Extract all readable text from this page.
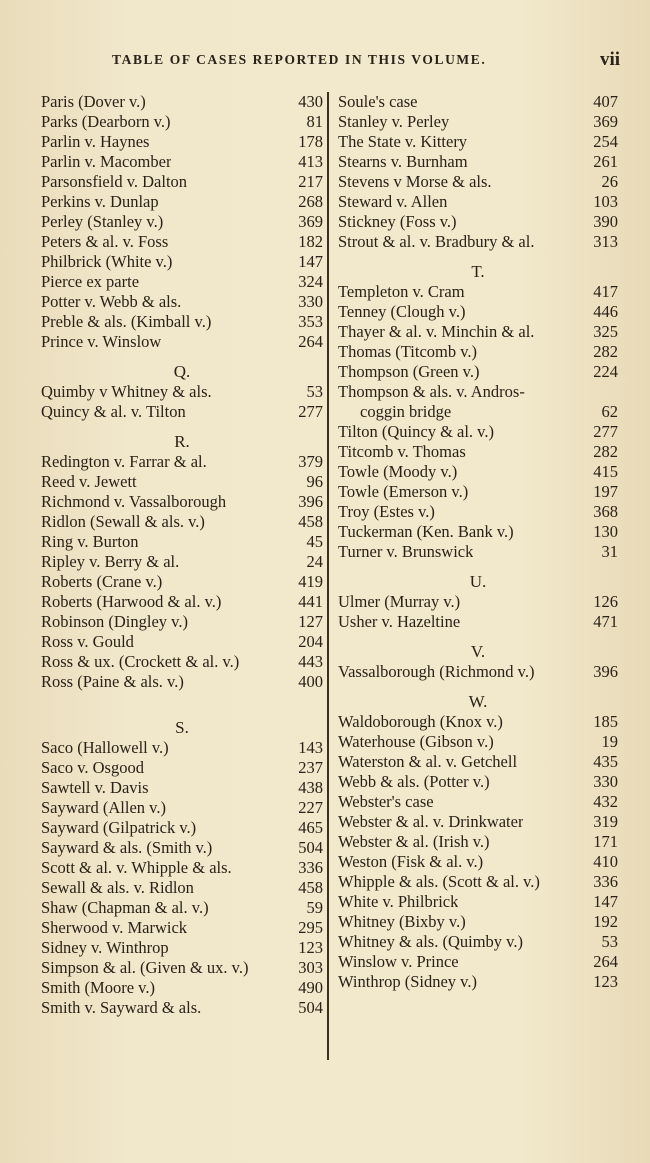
TABLE OF CASES REPORTED IN THIS VOLUME.	vii
Paris (Dover v.)	430
Parks (Dearborn v.)	81
Parlin v. Haynes	178
Parlin v. Macomber	413
Parsonsfield v. Dalton	217
Perkins v. Dunlap	268
Perley (Stanley v.)	369
Peters & al. v. Foss	182
Philbrick (White v.)	147
Pierce ex parte	324
Potter v. Webb & als.	330
Preble & als. (Kimball v.)	353
Prince v. Winslow	264
Q.
Quimby v Whitney & als.	53
Quincy & al. v. Tilton	277
R.
Redington v. Farrar & al.	379
Reed v. Jewett	96
Richmond v. Vassalborough	396
Ridlon (Sewall & als. v.)	458
Ring v. Burton	45
Ripley v. Berry & al.	24
Roberts (Crane v.)	419
Roberts (Harwood & al. v.)	441
Robinson (Dingley v.)	127
Ross v. Gould	204
Ross & ux. (Crockett & al. v.)	443
Ross (Paine & als. v.)	400
S.
Saco (Hallowell v.)	143
Saco v. Osgood	237
Sawtell v. Davis	438
Sayward (Allen v.)	227
Sayward (Gilpatrick v.)	465
Sayward & als. (Smith v.)	504
Scott & al. v. Whipple & als.	336
Sewall & als. v. Ridlon	458
Shaw (Chapman & al. v.)	59
Sherwood v. Marwick	295
Sidney v. Winthrop	123
Simpson & al. (Given & ux. v.)	303
Smith (Moore v.)	490
Smith v. Sayward & als.	504
Soule's case	407
Stanley v. Perley	369
The State v. Kittery	254
Stearns v. Burnham	261
Stevens v Morse & als.	26
Steward v. Allen	103
Stickney (Foss v.)	390
Strout & al. v. Bradbury & al.	313
T.
Templeton v. Cram	417
Tenney (Clough v.)	446
Thayer & al. v. Minchin & al.	325
Thomas (Titcomb v.)	282
Thompson (Green v.)	224
Thompson & als. v. Andros-
coggin bridge	62
Tilton (Quincy & al. v.)	277
Titcomb v. Thomas	282
Towle (Moody v.)	415
Towle (Emerson v.)	197
Troy (Estes v.)	368
Tuckerman (Ken. Bank v.)	130
Turner v. Brunswick	31
U.
Ulmer (Murray v.)	126
Usher v. Hazeltine	471
V.
Vassalborough (Richmond v.)	396
W.
Waldoborough (Knox v.)	185
Waterhouse (Gibson v.)	19
Waterston & al. v. Getchell	435
Webb & als. (Potter v.)	330
Webster's case	432
Webster & al. v. Drinkwater	319
Webster & al. (Irish v.)	171
Weston (Fisk & al. v.)	410
Whipple & als. (Scott & al. v.)	336
White v. Philbrick	147
Whitney (Bixby v.)	192
Whitney & als. (Quimby v.)	53
Winslow v. Prince	264
Winthrop (Sidney v.)	123
